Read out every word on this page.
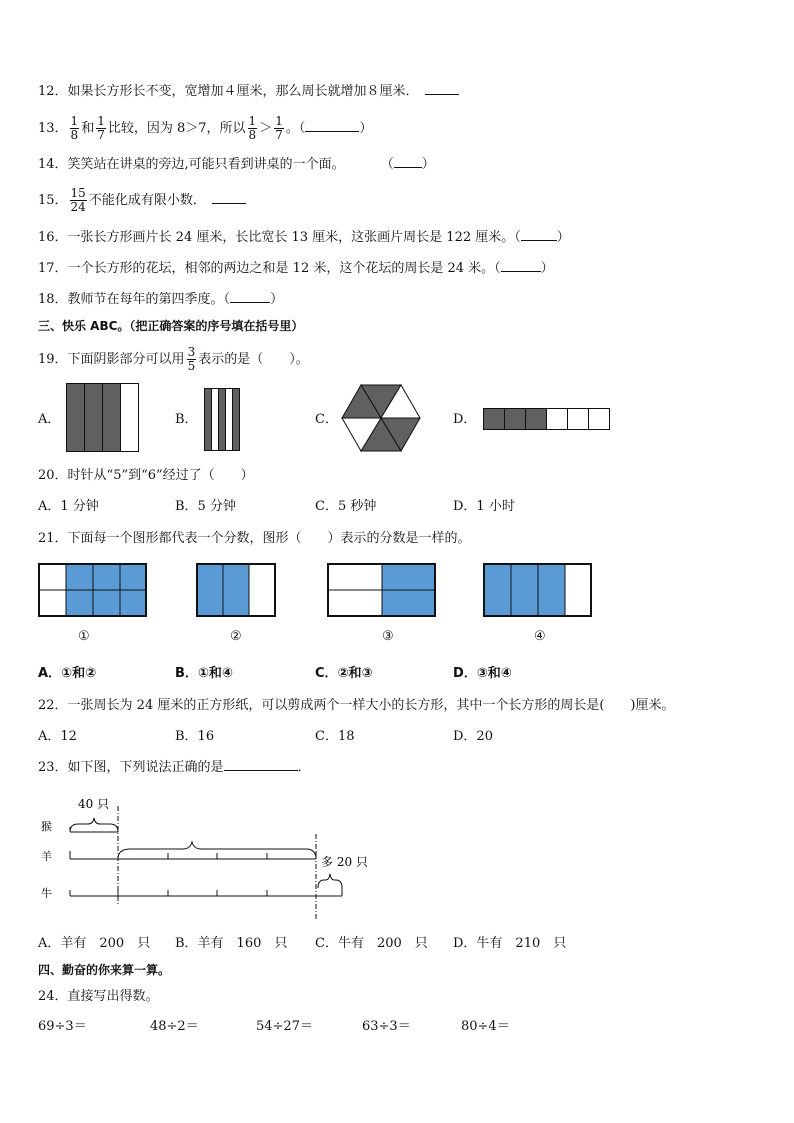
12．如果长方形长不变，宽增加４厘米，那么周长就增加８厘米．
13． $\frac{1}{8}$ 和 $\frac{1}{7}$ 比较，因为 8＞7，所以 $\frac{1}{8} > \frac{1}{7}$ 。（	）
14．笑笑站在讲桌的旁边,可能只看到讲桌的一个面。	（ ）
15． $\frac{15}{24}$ 不能化成有限小数．
16．一张长方形画片长 24 厘米，长比宽长 13 厘米，这张画片周长是 122 厘米。（	）
17．一个长方形的花坛，相邻的两边之和是 12 米，这个花坛的周长是 24 米。（	）
18．教师节在每年的第四季度。（	）
三、快乐 ABC。（把正确答案的序号填在括号里）
19．下面阴影部分可以用 $\frac{3}{5}$ 表示的是（　　）。
A．	B．	C．	D．
20．时针从“5”到“6”经过了（　　）
A．1 分钟	B．5 分钟	C．5 秒钟	D．1 小时
21．下面每一个图形都代表一个分数，图形（　　）表示的分数是一样的。
①	②	③	④
A．①和②	B．①和④	C．②和③	D．③和④
22．一张周长为 24 厘米的正方形纸，可以剪成两个一样大小的长方形，其中一个长方形的周长是(　　)厘米。
A．12	B．16	C．18	D．20
23．如下图，下列说法正确的是	．
40 只
猴
羊
牛
多 20 只
A．羊有　200　只 B．羊有　160　只 C．牛有　200　只 D．牛有　210　只
四、勤奋的你来算一算。
24．直接写出得数。
69÷3＝	48÷2＝	54÷27＝	63÷3＝	80÷4＝
